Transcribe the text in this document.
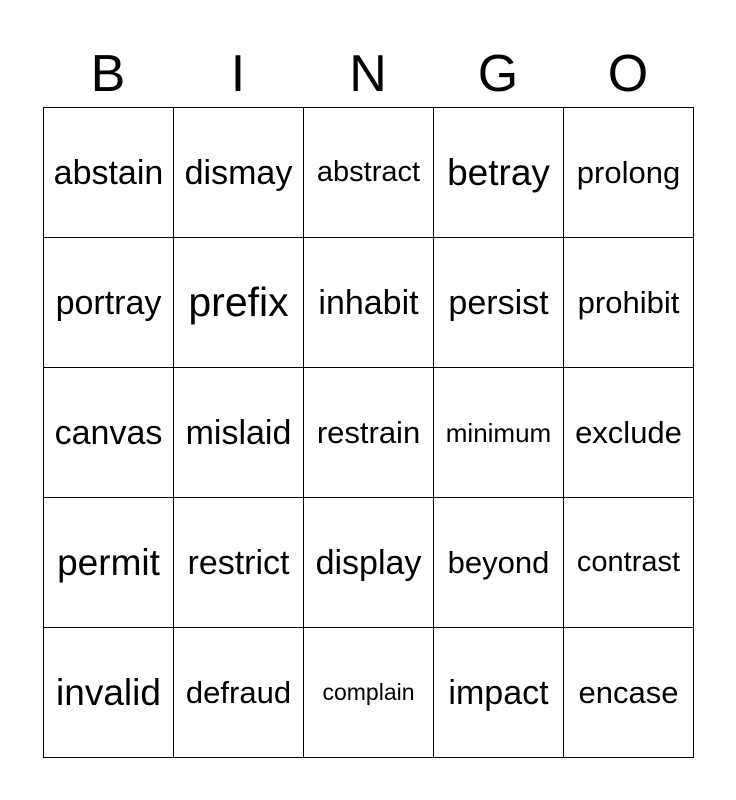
B	I	N	G	O
abstain dismay abstract betray prolong
portray prefix inhabit persist prohibit
canvas mislaid restrain minimum exclude
permit restrict display beyond contrast
invalid defraud complain impact encase
